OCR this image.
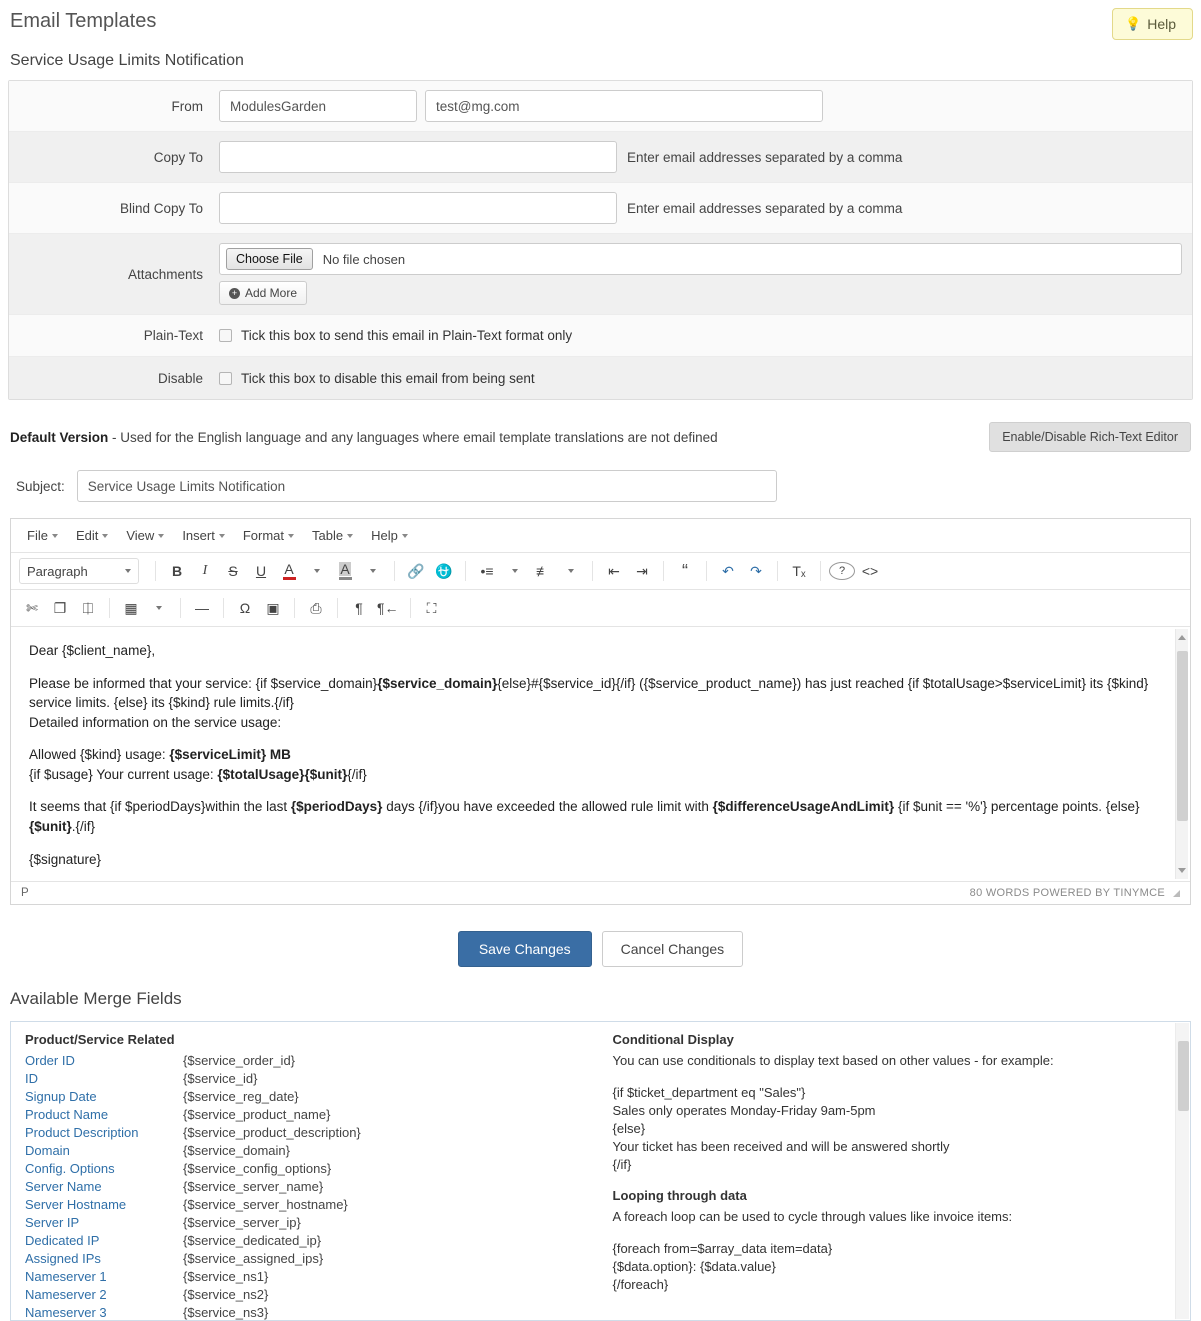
Email Templates	💡 Help
Service Usage Limits Notification
From
ModulesGarden
test@mg.com
Copy To	Enter email addresses separated by a comma
Blind Copy To	Enter email addresses separated by a comma
Attachments
Choose File	No file chosen
+ Add More
Plain-Text	Tick this box to send this email in Plain-Text format only
Disable	Tick this box to disable this email from being sent
Default Version - Used for the English language and any languages where email template translations are not defined	Enable/Disable Rich-Text Editor
Subject:
Service Usage Limits Notification
File Edit View Insert Format Table Help
Paragraph	B	I	S	U	A	A	🔗 ⛎	•≡	≢	⇤	⇥	“	↶	↷	Tₓ	?	<>
✄	❐	⎅	▦	—	Ω	▣	⎙	¶	¶←	⛶

Dear {$client_name},

Please be informed that your service: {if $service_domain}{$service_domain}{else}#{$service_id}{/if} ({$service_product_name}) has just reached {if $totalUsage>$serviceLimit} its {$kind} service limits. {else} its {$kind} rule limits.{/if}
Detailed information on the service usage:

Allowed {$kind} usage: {$serviceLimit} MB
{if $usage} Your current usage: {$totalUsage}{$unit}{/if}

It seems that {if $periodDays}within the last {$periodDays} days {/if}you have exceeded the allowed rule limit with {$differenceUsageAndLimit} {if $unit == '%'} percentage points. {else} {$unit}.{/if}

{$signature}

P	80 WORDS POWERED BY TINYMCE
Save Changes	Cancel Changes
Available Merge Fields
Product/Service Related
Order ID	{$service_order_id}
ID	{$service_id}
Signup Date	{$service_reg_date}
Product Name	{$service_product_name}
Product Description	{$service_product_description}
Domain	{$service_domain}
Config. Options	{$service_config_options}
Server Name	{$service_server_name}
Server Hostname	{$service_server_hostname}
Server IP	{$service_server_ip}
Dedicated IP	{$service_dedicated_ip}
Assigned IPs	{$service_assigned_ips}
Nameserver 1	{$service_ns1}
Nameserver 2	{$service_ns2}
Nameserver 3	{$service_ns3}
Conditional Display
You can use conditionals to display text based on other values - for example:
{if $ticket_department eq "Sales"}
Sales only operates Monday-Friday 9am-5pm
{else}
Your ticket has been received and will be answered shortly
{/if}
Looping through data
A foreach loop can be used to cycle through values like invoice items:
{foreach from=$array_data item=data}
{$data.option}: {$data.value}
{/foreach}
